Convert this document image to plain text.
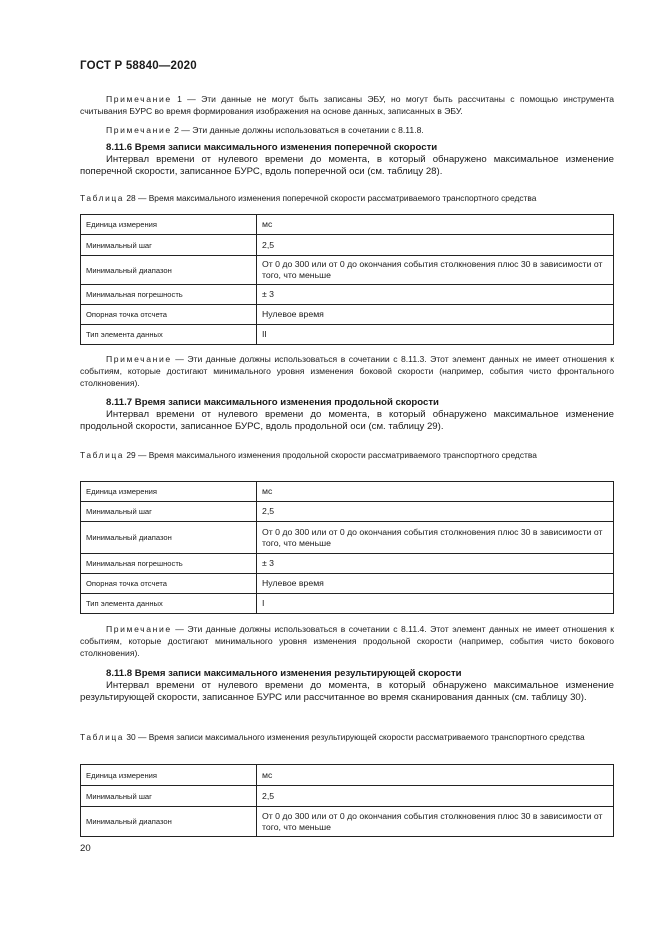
ГОСТ Р 58840—2020

Примечание 1 — Эти данные не могут быть записаны ЭБУ, но могут быть рассчитаны с помощью инструмента считывания БУРС во время формирования изображения на основе данных, записанных в ЭБУ.

Примечание 2 — Эти данные должны использоваться в сочетании с 8.11.8.

8.11.6 Время записи максимального изменения поперечной скорости

Интервал времени от нулевого времени до момента, в который обнаружено максимальное изменение поперечной скорости, записанное БУРС, вдоль поперечной оси (см. таблицу 28).

Таблица 28 — Время максимального изменения поперечной скорости рассматриваемого транспортного средства

Единица измерения	мс
Минимальный шаг	2,5
Минимальный диапазон	От 0 до 300 или от 0 до окончания события столкновения плюс 30 в зависимости от того, что меньше
Минимальная погрешность	± 3
Опорная точка отсчета	Нулевое время
Тип элемента данных	II

Примечание — Эти данные должны использоваться в сочетании с 8.11.3. Этот элемент данных не имеет отношения к событиям, которые достигают минимального уровня изменения боковой скорости (например, события чисто фронтального столкновения).

8.11.7 Время записи максимального изменения продольной скорости

Интервал времени от нулевого времени до момента, в который обнаружено максимальное изменение продольной скорости, записанное БУРС, вдоль продольной оси (см. таблицу 29).

Таблица 29 — Время максимального изменения продольной скорости рассматриваемого транспортного средства

Единица измерения	мс
Минимальный шаг	2,5
Минимальный диапазон	От 0 до 300 или от 0 до окончания события столкновения плюс 30 в зависимости от того, что меньше
Минимальная погрешность	± 3
Опорная точка отсчета	Нулевое время
Тип элемента данных	I

Примечание — Эти данные должны использоваться в сочетании с 8.11.4. Этот элемент данных не имеет отношения к событиям, которые достигают минимального уровня изменения продольной скорости (например, события чисто бокового столкновения).

8.11.8 Время записи максимального изменения результирующей скорости

Интервал времени от нулевого времени до момента, в который обнаружено максимальное изменение результирующей скорости, записанное БУРС или рассчитанное во время сканирования данных (см. таблицу 30).

Таблица 30 — Время записи максимального изменения результирующей скорости рассматриваемого транспортного средства

Единица измерения	мс
Минимальный шаг	2,5
Минимальный диапазон	От 0 до 300 или от 0 до окончания события столкновения плюс 30 в зависимости от того, что меньше
20
